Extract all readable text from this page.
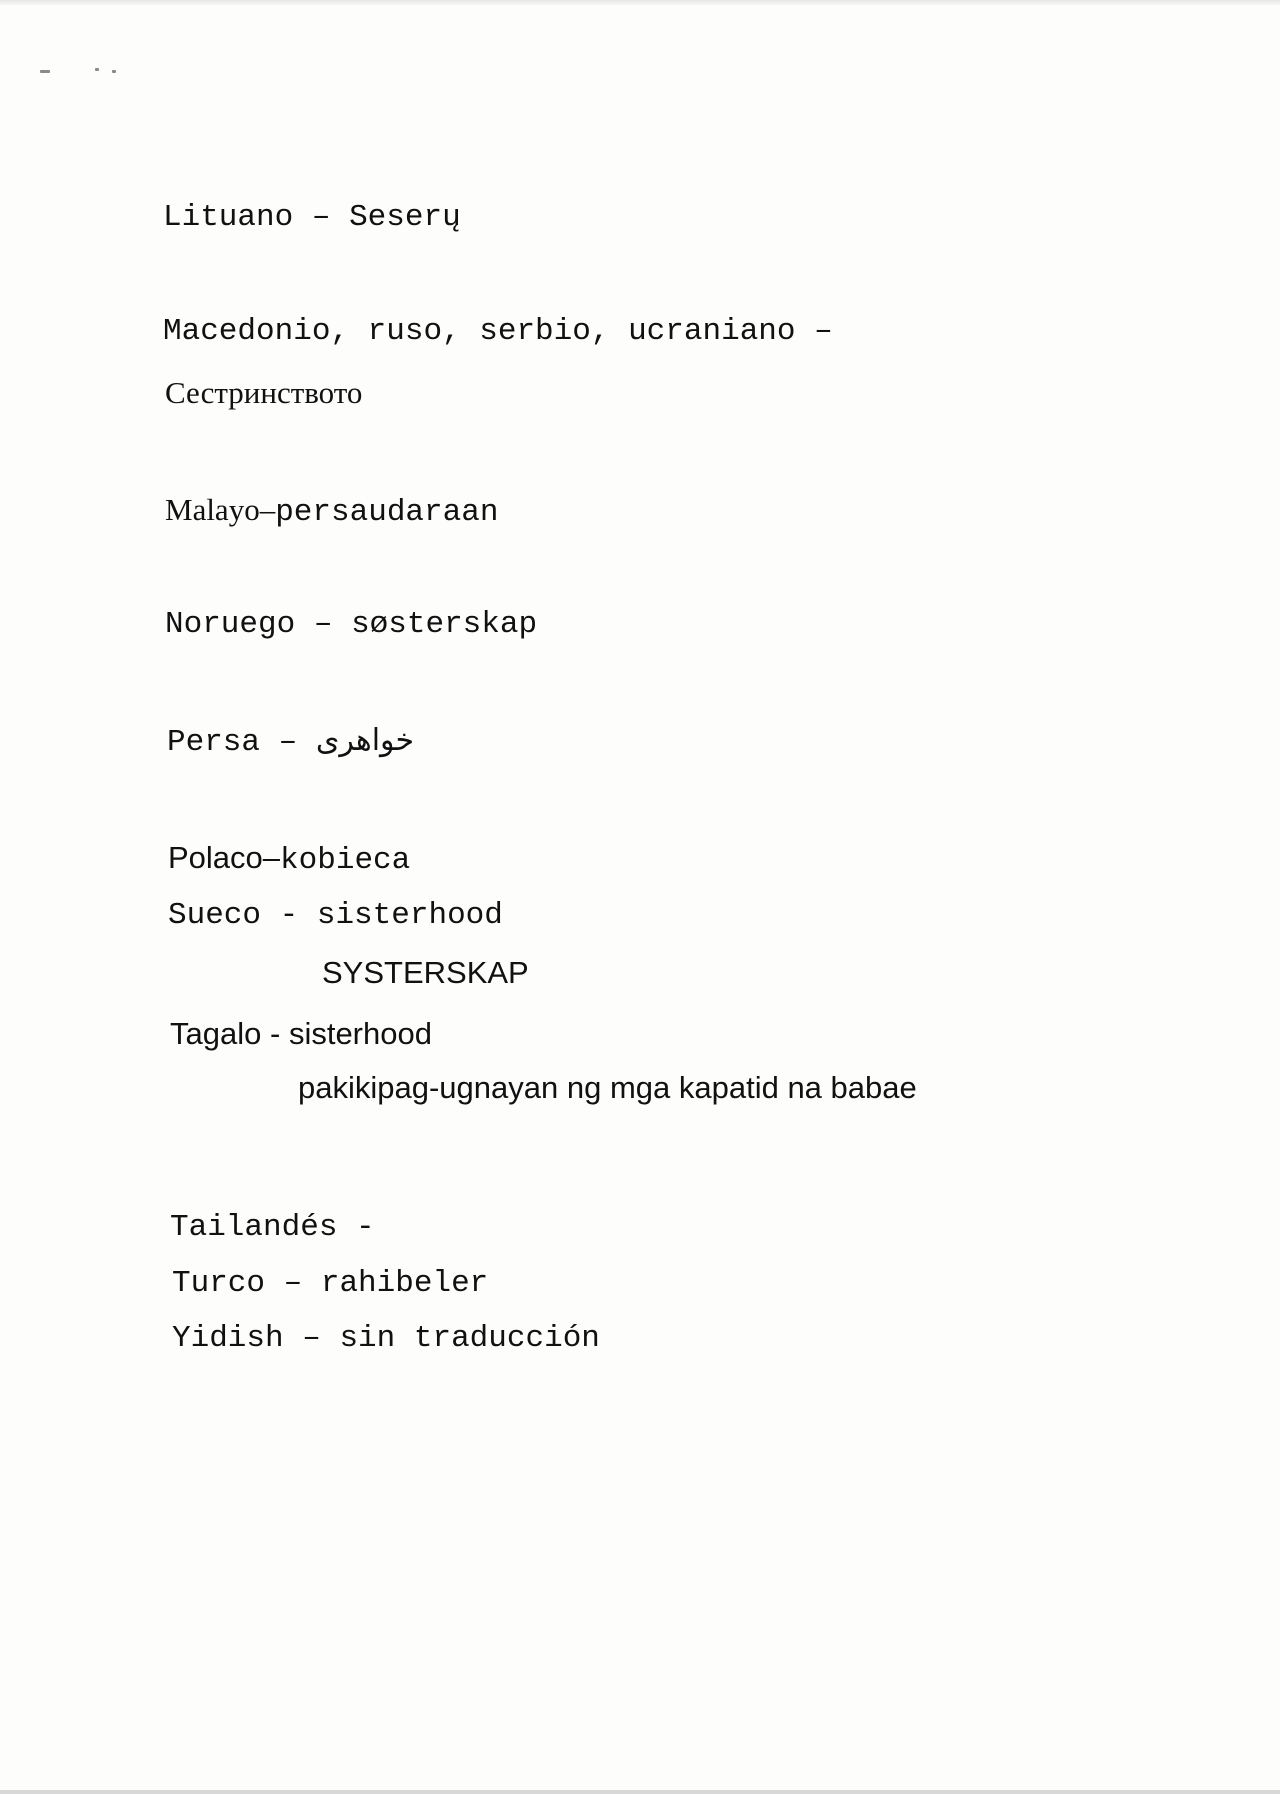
Lituano – Seserų
Macedonio, ruso, serbio, ucraniano –
Сестринството
Malayo–persaudaraan
Noruego – søsterskap
Persa – خواهری
Polaco–kobieca
Sueco - sisterhood
SYSTERSKAP
Tagalo - sisterhood
pakikipag-ugnayan ng mga kapatid na babae
Tailandés -
Turco – rahibeler
Yidish – sin traducción
